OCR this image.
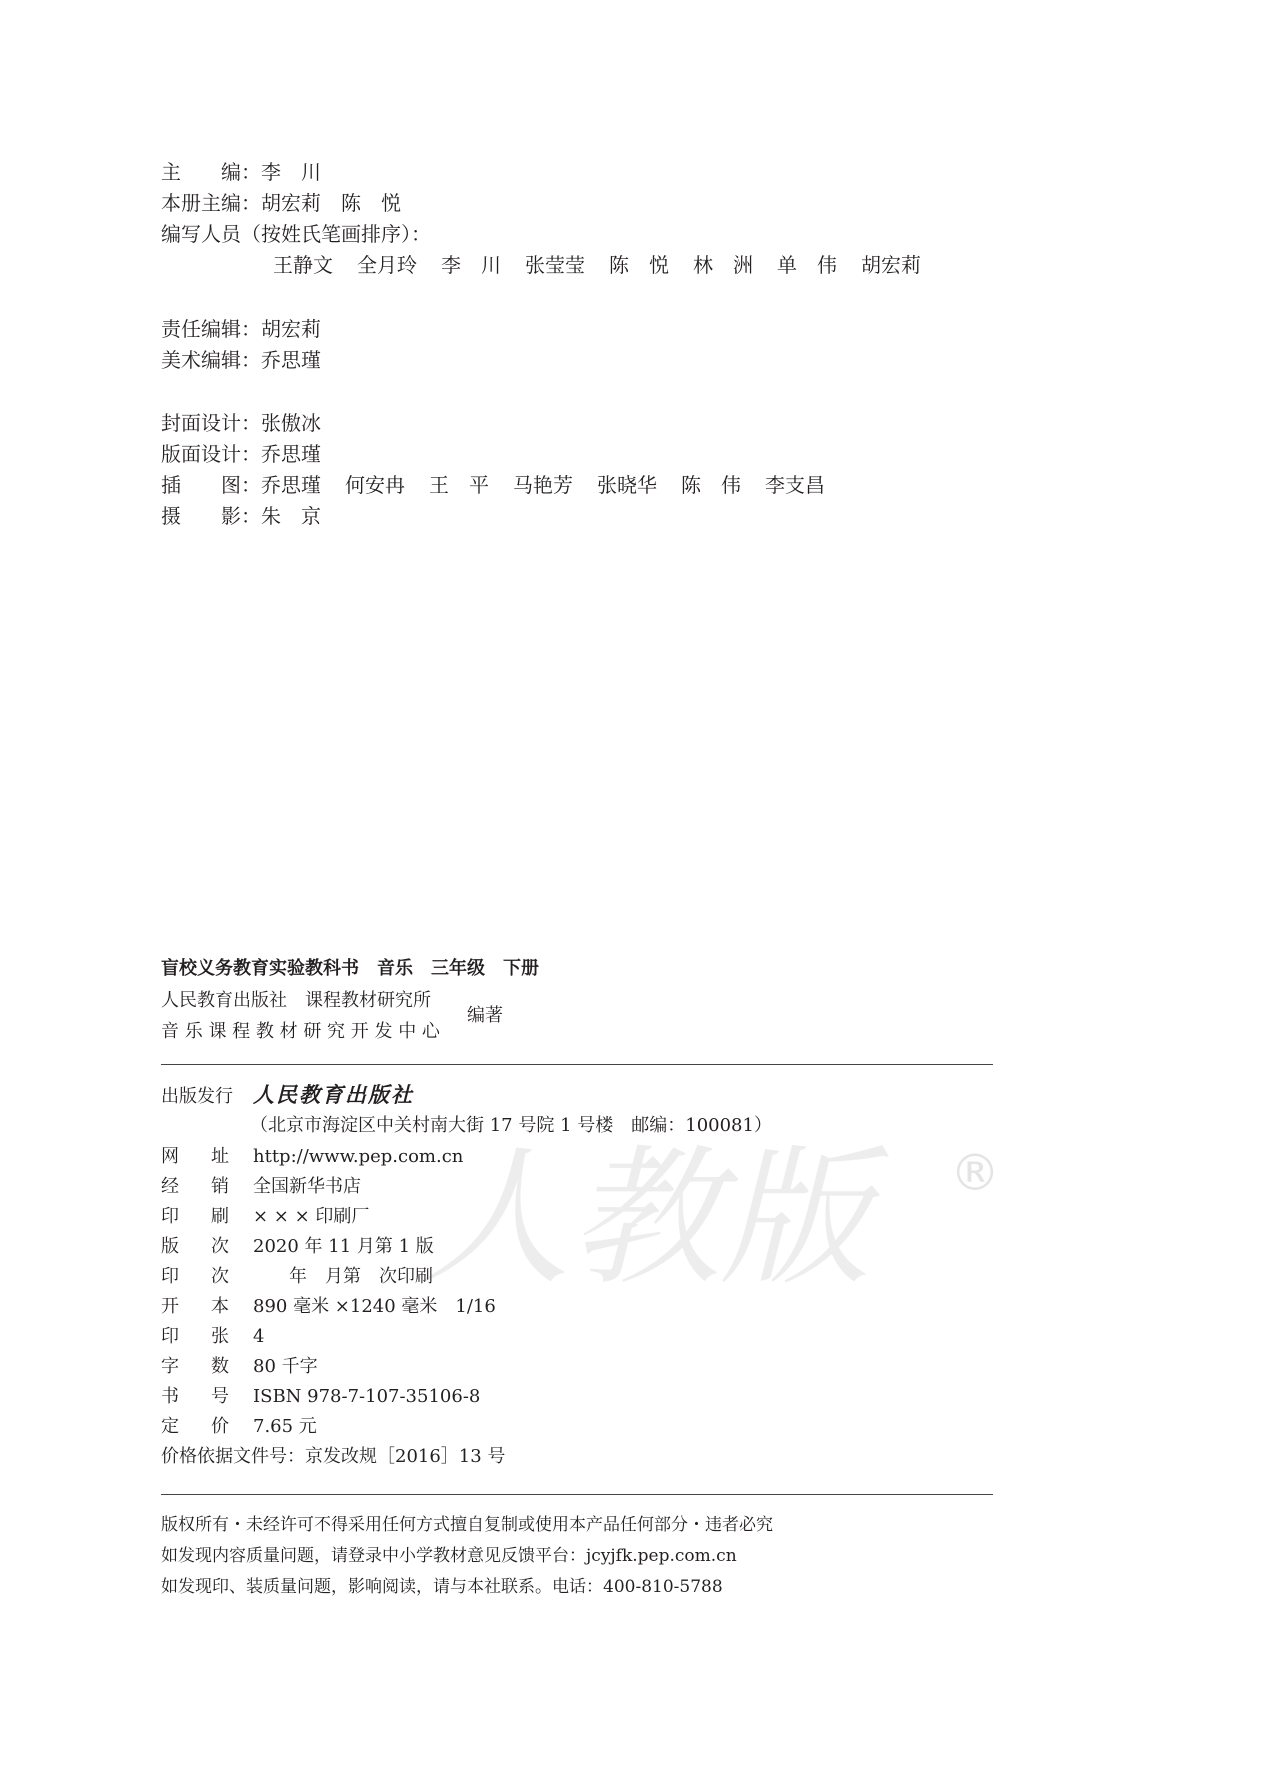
主　　编：李　川
本册主编：胡宏莉　陈　悦
编写人员（按姓氏笔画排序）：
王静文 全月玲 李　川 张莹莹 陈　悦 林　洲 单　伟 胡宏莉
责任编辑：胡宏莉
美术编辑：乔思瑾
封面设计：张傲冰
版面设计：乔思瑾
插　　图：乔思瑾 何安冉 王　平 马艳芳 张晓华 陈　伟 李支昌
摄　　影：朱　京
盲校义务教育实验教科书　音乐　三年级　下册
人民教育出版社　课程教材研究所
音 乐 课 程 教 材 研 究 开 发 中 心
编著
人教版	®
出版发行 人民教育出版社
（北京市海淀区中关村南大街 17 号院 1 号楼　邮编：100081）
网 址 http://www.pep.com.cn
经 销 全国新华书店
印 刷 × × × 印刷厂
版 次 2020 年 11 月第 1 版
印 次　　年　月第　次印刷
开 本 890 毫米 ×1240 毫米　1/16
印 张 4
字 数 80 千字
书 号 ISBN 978-7-107-35106-8
定 价 7.65 元
价格依据文件号：京发改规［2016］13 号
版权所有・未经许可不得采用任何方式擅自复制或使用本产品任何部分・违者必究
如发现内容质量问题，请登录中小学教材意见反馈平台：jcyjfk.pep.com.cn
如发现印、装质量问题，影响阅读，请与本社联系。电话：400-810-5788
